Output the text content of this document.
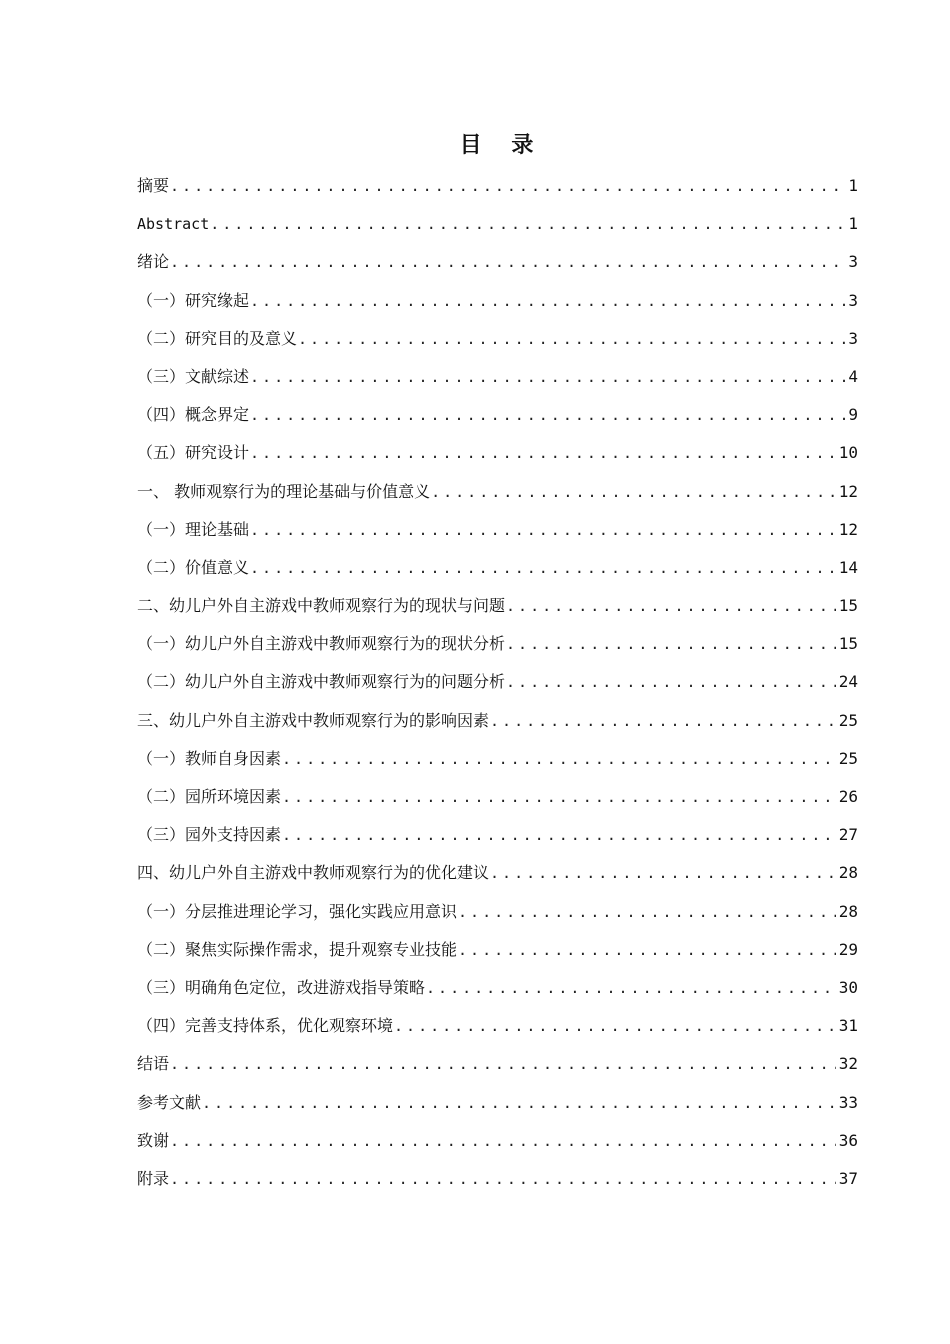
目 录
摘要 .....	1
Abstract .....	1
绪论 .....	3
（一）研究缘起 .....	3
（二）研究目的及意义 .....	3
（三）文献综述 .....	4
（四）概念界定 .....	9
（五）研究设计 .....	10
一、 教师观察行为的理论基础与价值意义 .....	12
（一）理论基础 .....	12
（二）价值意义 .....	14
二、幼儿户外自主游戏中教师观察行为的现状与问题 .....	15
（一）幼儿户外自主游戏中教师观察行为的现状分析 .....	15
（二）幼儿户外自主游戏中教师观察行为的问题分析 .....	24
三、幼儿户外自主游戏中教师观察行为的影响因素 .....	25
（一）教师自身因素 .....	25
（二）园所环境因素 .....	26
（三）园外支持因素 .....	27
四、幼儿户外自主游戏中教师观察行为的优化建议 .....	28
（一）分层推进理论学习，强化实践应用意识 .....	28
（二）聚焦实际操作需求，提升观察专业技能 .....	29
（三）明确角色定位，改进游戏指导策略 .....	30
（四）完善支持体系，优化观察环境 .....	31
结语 .....	32
参考文献 .....	33
致谢 .....	36
附录 .....	37
